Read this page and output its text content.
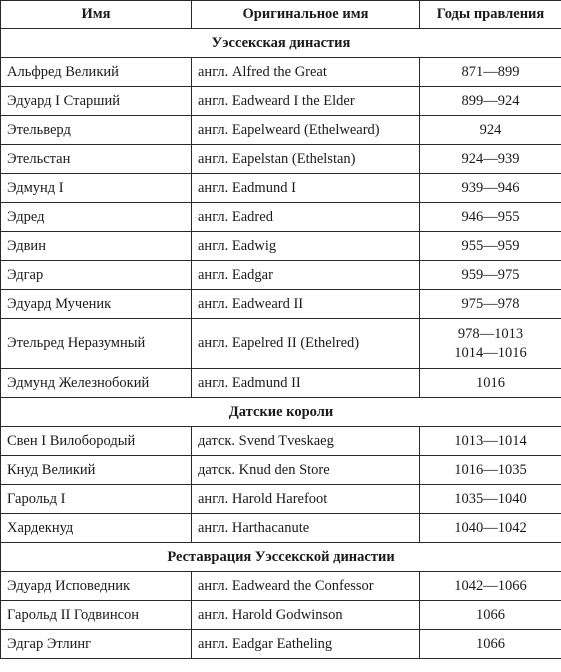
Имя	Оригинальное имя	Годы правления
Уэссекская династия		
Альфред Великий	англ. Alfred the Great	871—899

Эдуард I Старший	англ. Eadweard I the Elder	899—924

Этельверд	англ. Eapelweard (Ethelweard)	924

Этельстан	англ. Eapelstan (Ethelstan)	924—939

Эдмунд I	англ. Eadmund I	939—946

Эдред	англ. Eadred	946—955

Эдвин	англ. Eadwig	955—959

Эдгар	англ. Eadgar	959—975

Эдуард Мученик	англ. Eadweard II	975—978

Этельред Неразумный	англ. Eapelred II (Ethelred)	978—1013
1014—1016

Эдмунд Железнобокий	англ. Eadmund II	1016

Датские короли		
Свен I Вилобородый	датск. Svend Tveskaeg	1013—1014

Кнуд Великий	датск. Knud den Store	1016—1035

Гарольд I	англ. Harold Harefoot	1035—1040

Хардекнуд	англ. Harthacanute	1040—1042

Реставрация Уэссекской династии		
Эдуард Исповедник	англ. Eadweard the Confessor	1042—1066

Гарольд II Годвинсон	англ. Harold Godwinson	1066

Эдгар Этлинг	англ. Eadgar Eatheling	1066
